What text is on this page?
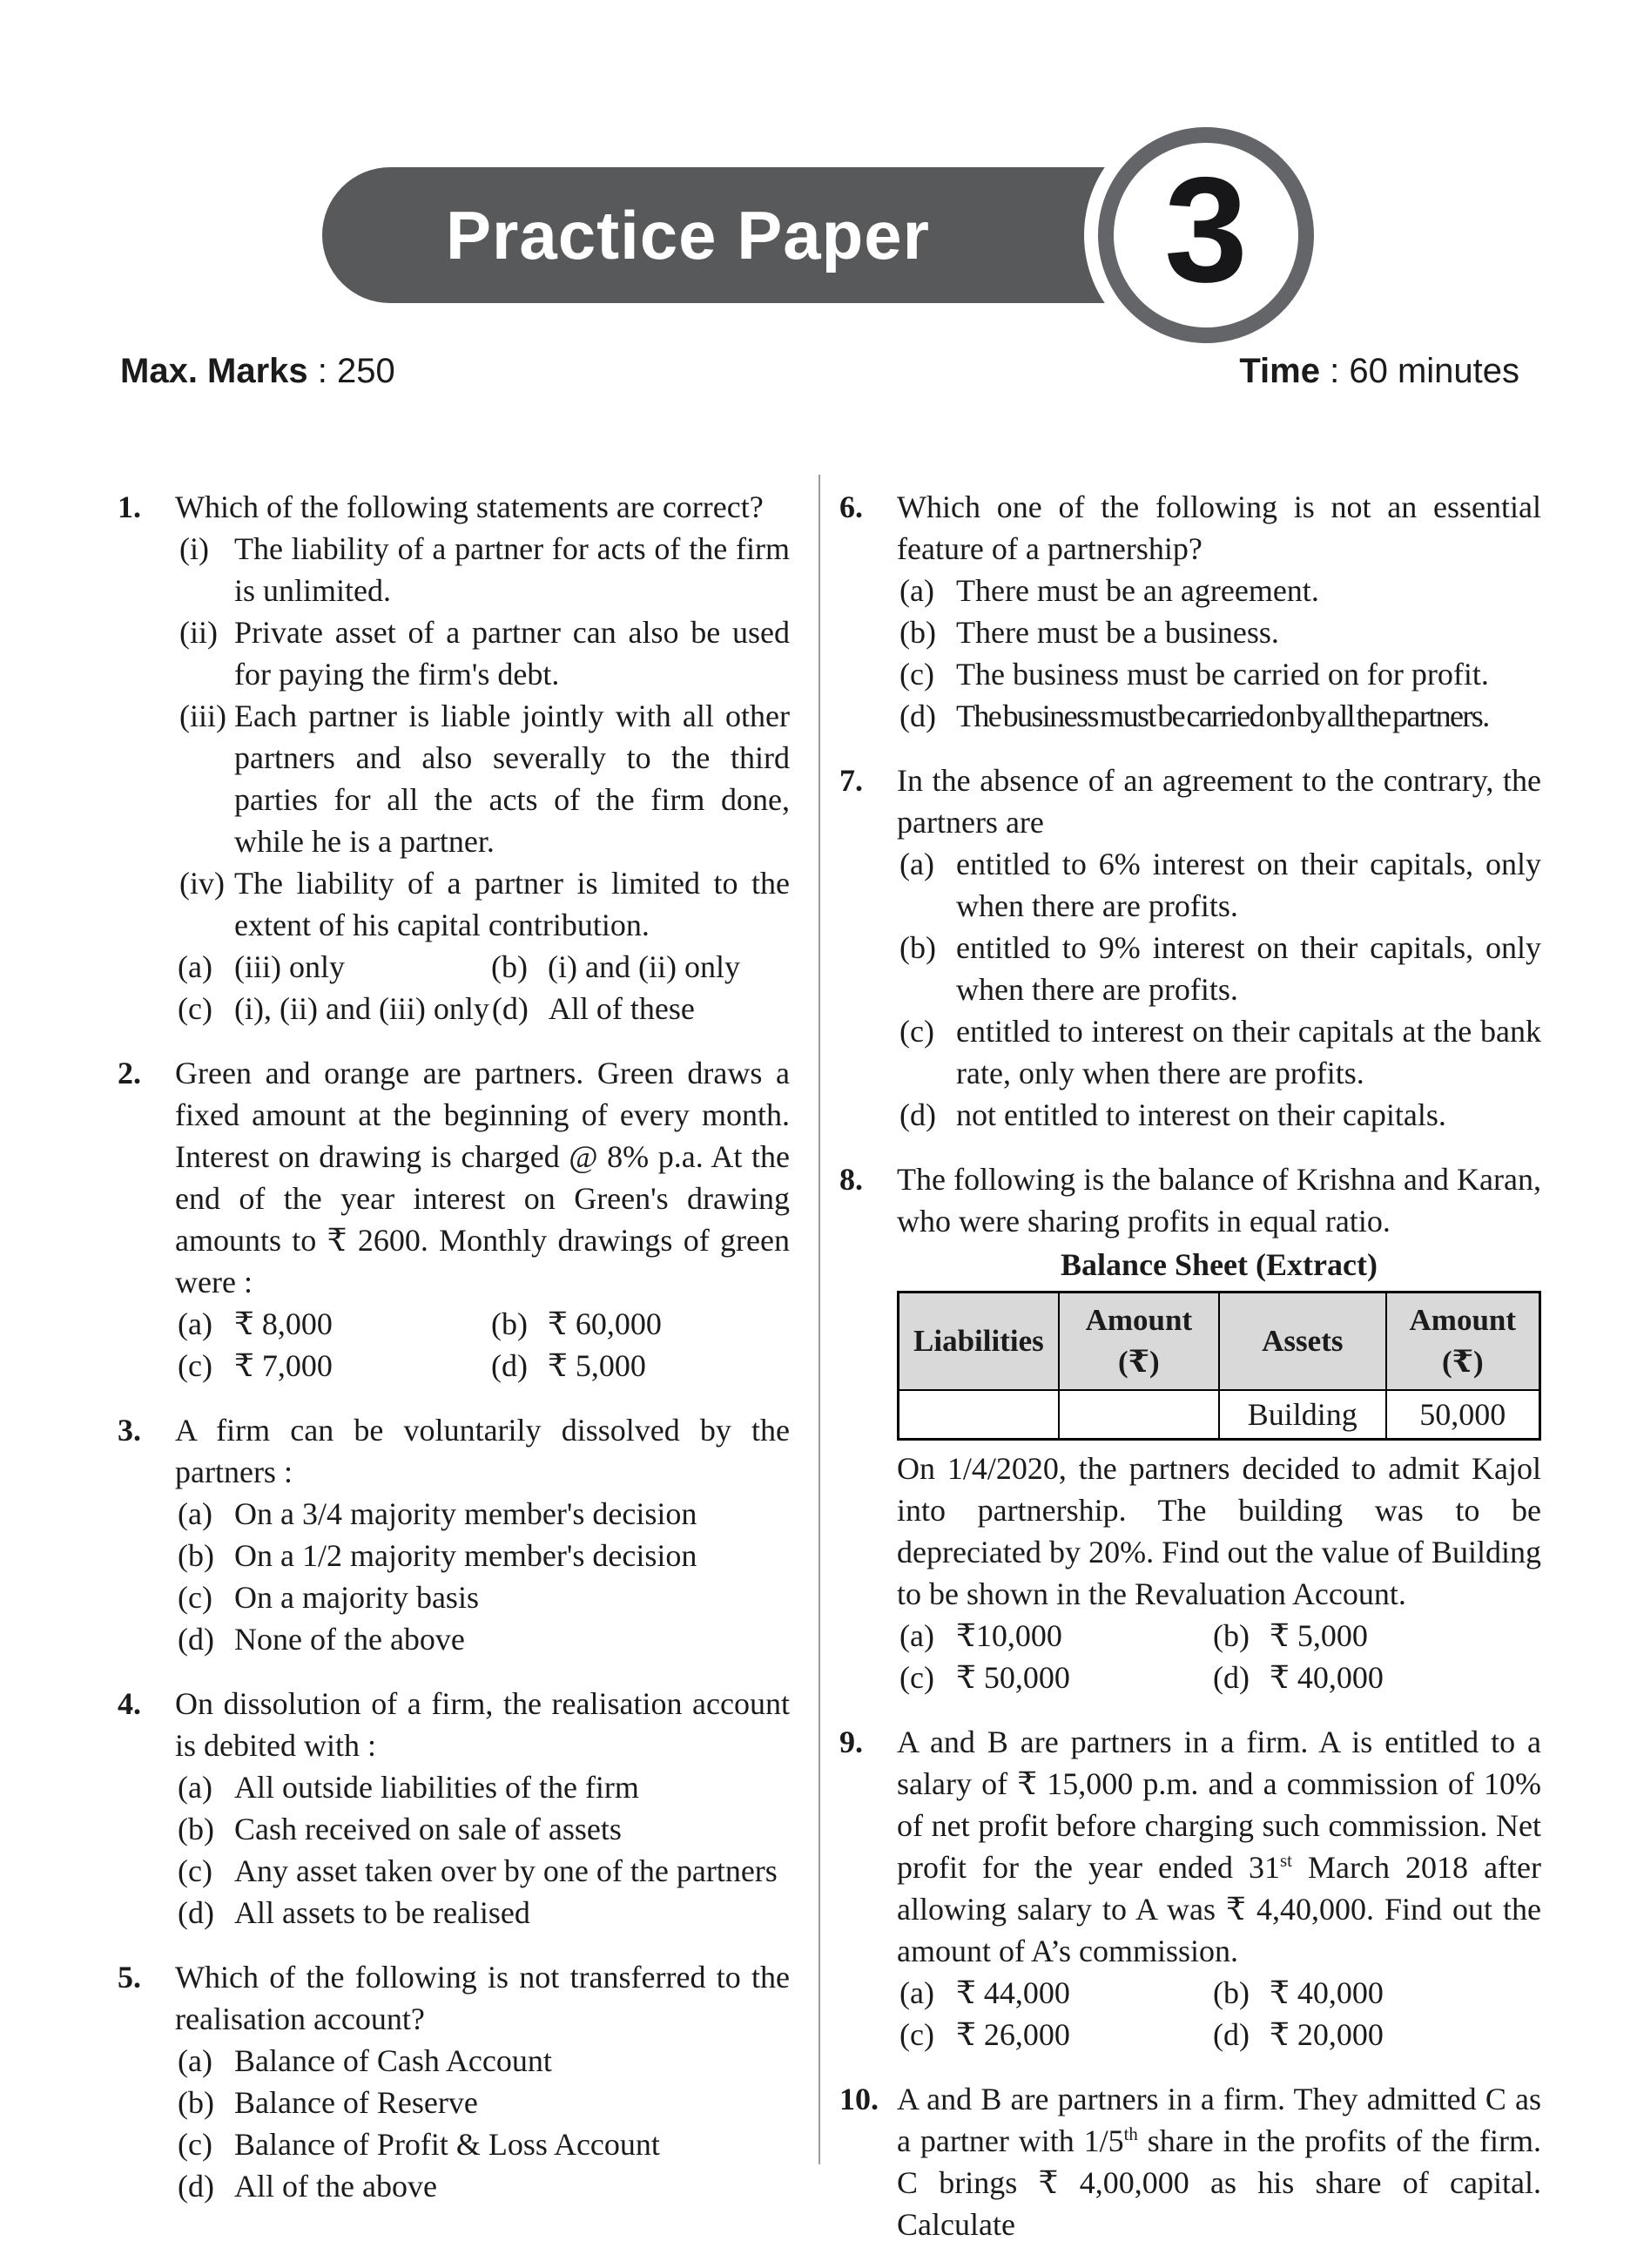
Practice Paper	3
Max. Marks : 250	Time : 60 minutes
1.	Which of the following statements are correct?
(i) The liability of a partner for acts of the firm is unlimited.
(ii) Private asset of a partner can also be used for paying the firm's debt.
(iii) Each partner is liable jointly with all other partners and also severally to the third parties for all the acts of the firm done, while he is a partner.
(iv) The liability of a partner is limited to the extent of his capital contribution.
(a) (iii) only	(b) (i) and (ii) only
(c) (i), (ii) and (iii) only (d) All of these
2.	Green and orange are partners. Green draws a fixed amount at the beginning of every month. Interest on drawing is charged @ 8% p.a. At the end of the year interest on Green's drawing amounts to ₹ 2600. Monthly drawings of green were :
(a) ₹ 8,000	(b) ₹ 60,000
(c) ₹ 7,000	(d) ₹ 5,000
3.	A firm can be voluntarily dissolved by the partners :
(a) On a 3/4 majority member's decision
(b) On a 1/2 majority member's decision
(c) On a majority basis
(d) None of the above
4.	On dissolution of a firm, the realisation account is debited with :
(a) All outside liabilities of the firm
(b) Cash received on sale of assets
(c) Any asset taken over by one of the partners
(d) All assets to be realised
5.	Which of the following is not transferred to the realisation account?
(a) Balance of Cash Account
(b) Balance of Reserve
(c) Balance of Profit & Loss Account
(d) All of the above
6.	Which one of the following is not an essential feature of a partnership?
(a) There must be an agreement.
(b) There must be a business.
(c) The business must be carried on for profit.
(d) The business must be carried on by all the partners.
7.	In the absence of an agreement to the contrary, the partners are
(a) entitled to 6% interest on their capitals, only when there are profits.
(b) entitled to 9% interest on their capitals, only when there are profits.
(c) entitled to interest on their capitals at the bank rate, only when there are profits.
(d) not entitled to interest on their capitals.
8.	The following is the balance of Krishna and Karan, who were sharing profits in equal ratio.
Balance Sheet (Extract)
Liabilities	Amount (₹)	Assets	Amount (₹)
		Building	50,000
On 1/4/2020, the partners decided to admit Kajol into partnership. The building was to be depreciated by 20%. Find out the value of Building to be shown in the Revaluation Account.
(a) ₹10,000	(b) ₹ 5,000
(c) ₹ 50,000	(d) ₹ 40,000
9.	A and B are partners in a firm. A is entitled to a salary of ₹ 15,000 p.m. and a commission of 10% of net profit before charging such commission. Net profit for the year ended 31st March 2018 after allowing salary to A was ₹ 4,40,000. Find out the amount of A’s commission.
(a) ₹ 44,000	(b) ₹ 40,000
(c) ₹ 26,000	(d) ₹ 20,000
10. A and B are partners in a firm. They admitted C as a partner with 1/5th share in the profits of the firm. C brings ₹ 4,00,000 as his share of capital. Calculate
